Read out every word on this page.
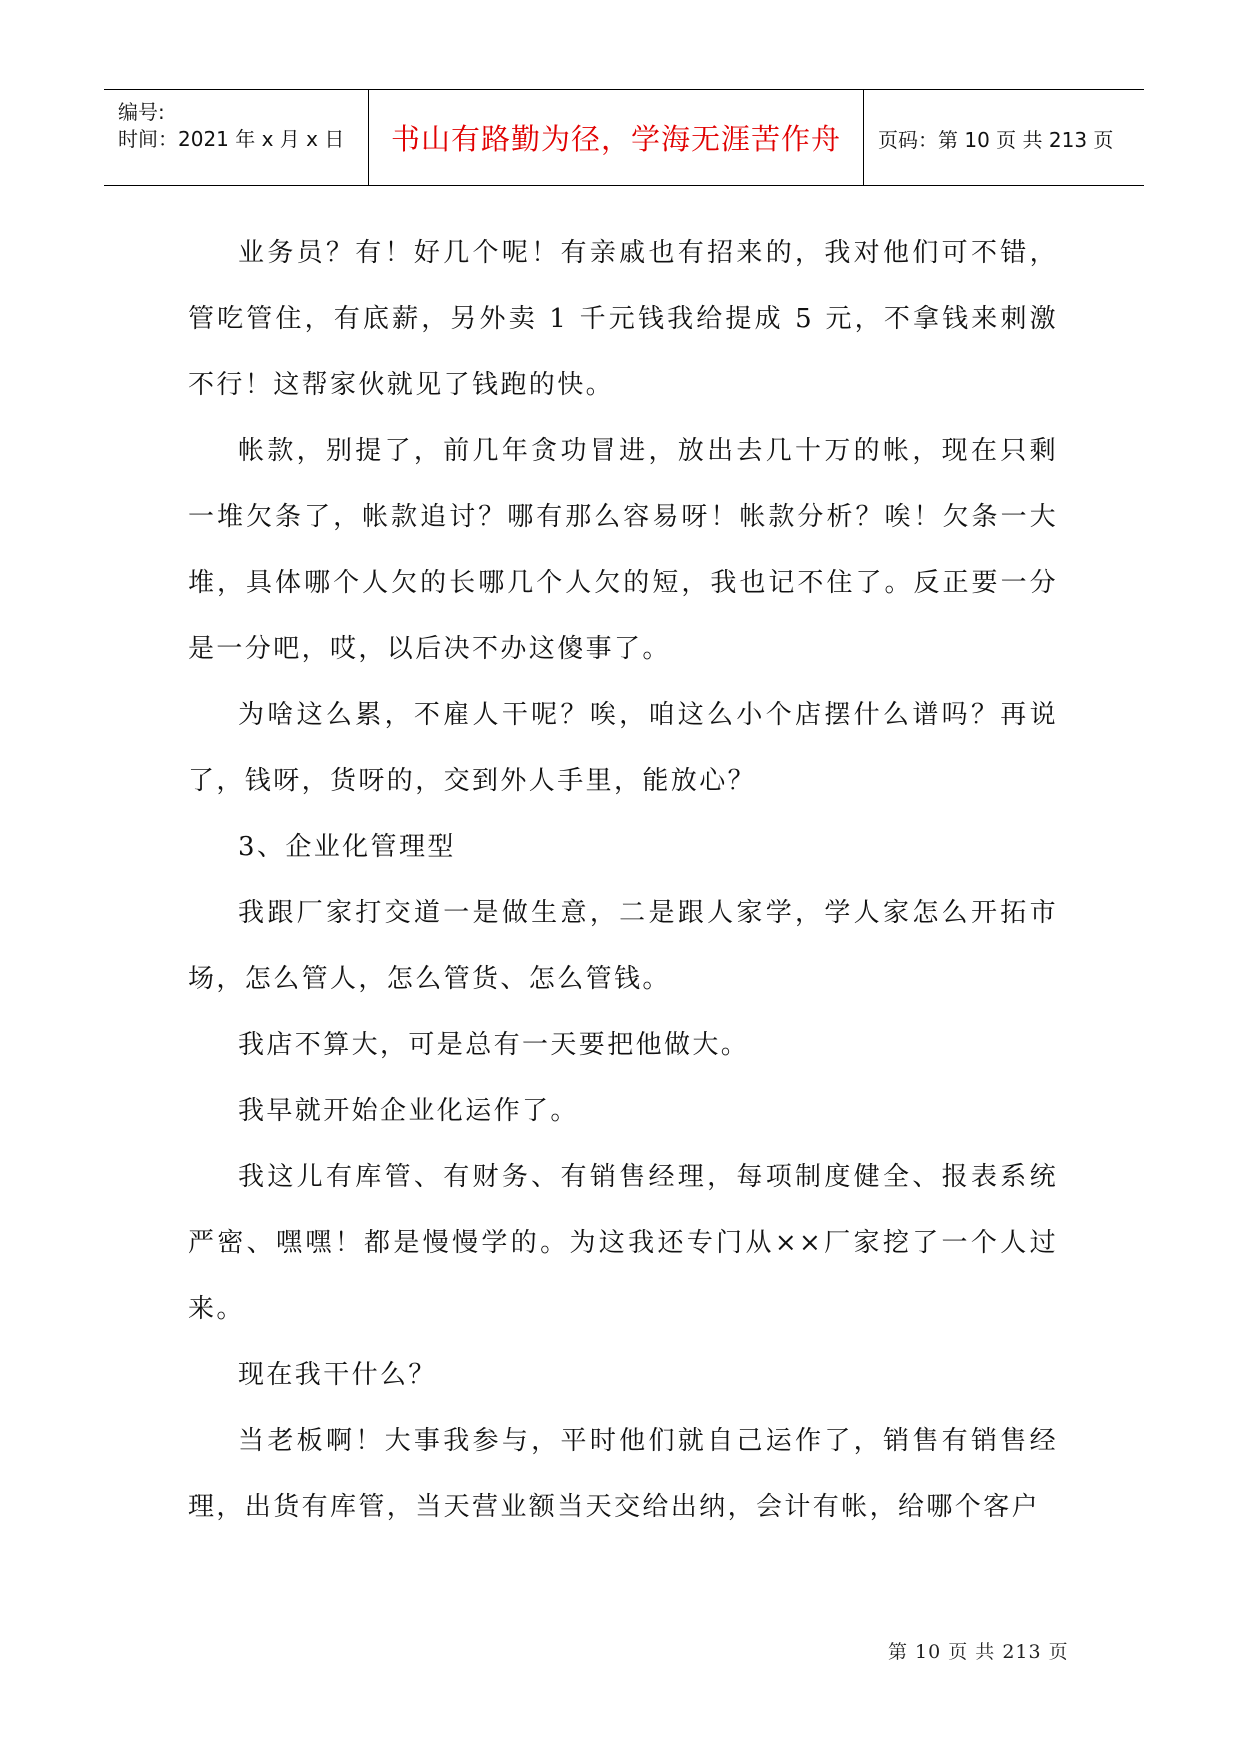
编号:
时间：2021 年 x 月 x 日	书山有路勤为径，学海无涯苦作舟	页码：第 10 页 共 213 页

业务员？有！好几个呢！有亲戚也有招来的，我对他们可不错，管吃管住，有底薪，另外卖 1 千元钱我给提成 5 元，不拿钱来刺激不行！这帮家伙就见了钱跑的快。

帐款，别提了，前几年贪功冒进，放出去几十万的帐，现在只剩一堆欠条了，帐款追讨？哪有那么容易呀！帐款分析？唉！欠条一大堆，具体哪个人欠的长哪几个人欠的短，我也记不住了。反正要一分是一分吧，哎，以后决不办这傻事了。

为啥这么累，不雇人干呢？唉，咱这么小个店摆什么谱吗？再说了，钱呀，货呀的，交到外人手里，能放心？

3、企业化管理型

我跟厂家打交道一是做生意，二是跟人家学，学人家怎么开拓市场，怎么管人，怎么管货、怎么管钱。

我店不算大，可是总有一天要把他做大。

我早就开始企业化运作了。

我这儿有库管、有财务、有销售经理，每项制度健全、报表系统严密、嘿嘿！都是慢慢学的。为这我还专门从××厂家挖了一个人过来。

现在我干什么？

当老板啊！大事我参与，平时他们就自己运作了，销售有销售经理，出货有库管，当天营业额当天交给出纳，会计有帐，给哪个客户

第 10 页 共 213 页
